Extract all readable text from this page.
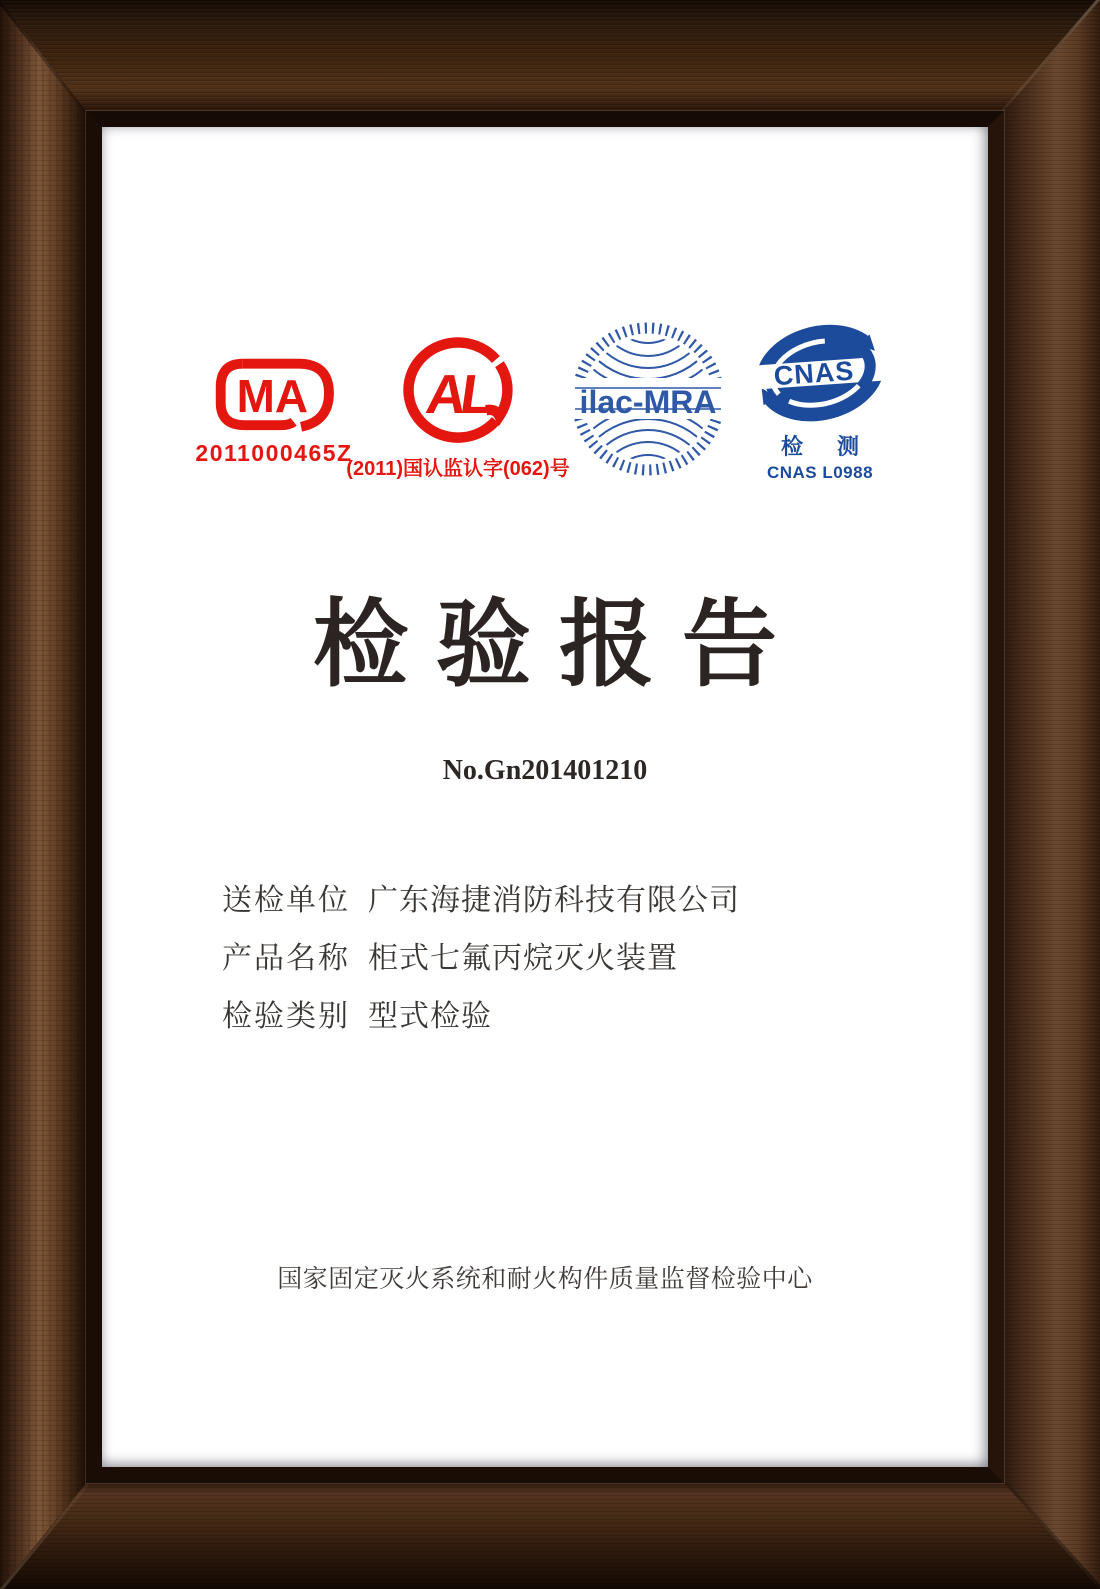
MA
2011000465Z
AL
(2011)国认监认字(062)号
ilac-MRA
CNAS
检 测
CNAS L0988
检验报告
No.Gn201401210
送检单位 广东海捷消防科技有限公司
产品名称 柜式七氟丙烷灭火装置
检验类别 型式检验
国家固定灭火系统和耐火构件质量监督检验中心
